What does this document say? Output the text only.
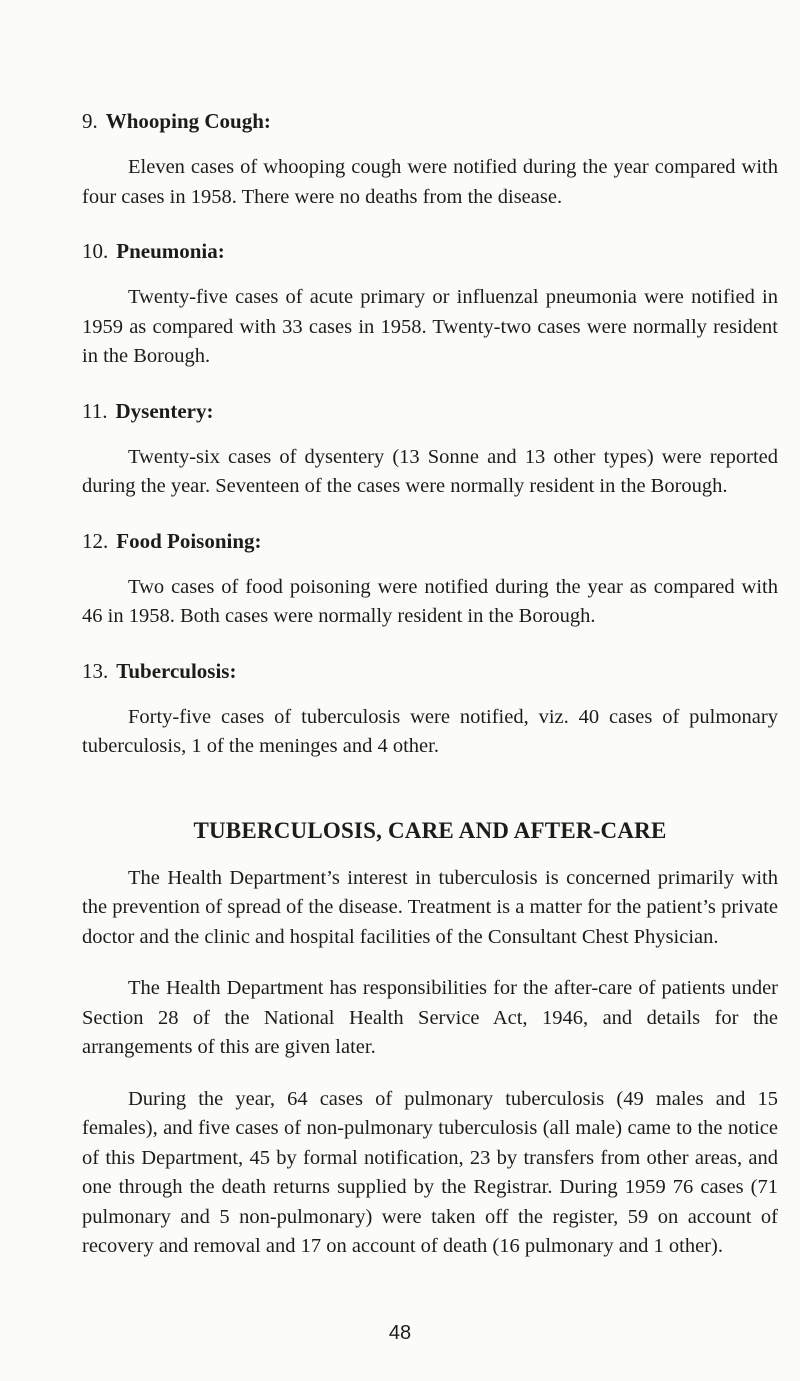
9. Whooping Cough:

Eleven cases of whooping cough were notified during the year compared with four cases in 1958. There were no deaths from the disease.

10. Pneumonia:

Twenty-five cases of acute primary or influenzal pneumonia were notified in 1959 as compared with 33 cases in 1958. Twenty-two cases were normally resident in the Borough.

11. Dysentery:

Twenty-six cases of dysentery (13 Sonne and 13 other types) were reported during the year. Seventeen of the cases were normally resident in the Borough.

12. Food Poisoning:

Two cases of food poisoning were notified during the year as compared with 46 in 1958. Both cases were normally resident in the Borough.

13. Tuberculosis:

Forty-five cases of tuberculosis were notified, viz. 40 cases of pulmonary tuberculosis, 1 of the meninges and 4 other.

TUBERCULOSIS, CARE AND AFTER-CARE

The Health Department’s interest in tuberculosis is concerned primarily with the prevention of spread of the disease. Treatment is a matter for the patient’s private doctor and the clinic and hospital facilities of the Consultant Chest Physician.

The Health Department has responsibilities for the after-care of patients under Section 28 of the National Health Service Act, 1946, and details for the arrangements of this are given later.

During the year, 64 cases of pulmonary tuberculosis (49 males and 15 females), and five cases of non-pulmonary tuberculosis (all male) came to the notice of this Department, 45 by formal notification, 23 by transfers from other areas, and one through the death returns supplied by the Registrar. During 1959 76 cases (71 pulmonary and 5 non-pulmonary) were taken off the register, 59 on account of recovery and removal and 17 on account of death (16 pulmonary and 1 other).

48
